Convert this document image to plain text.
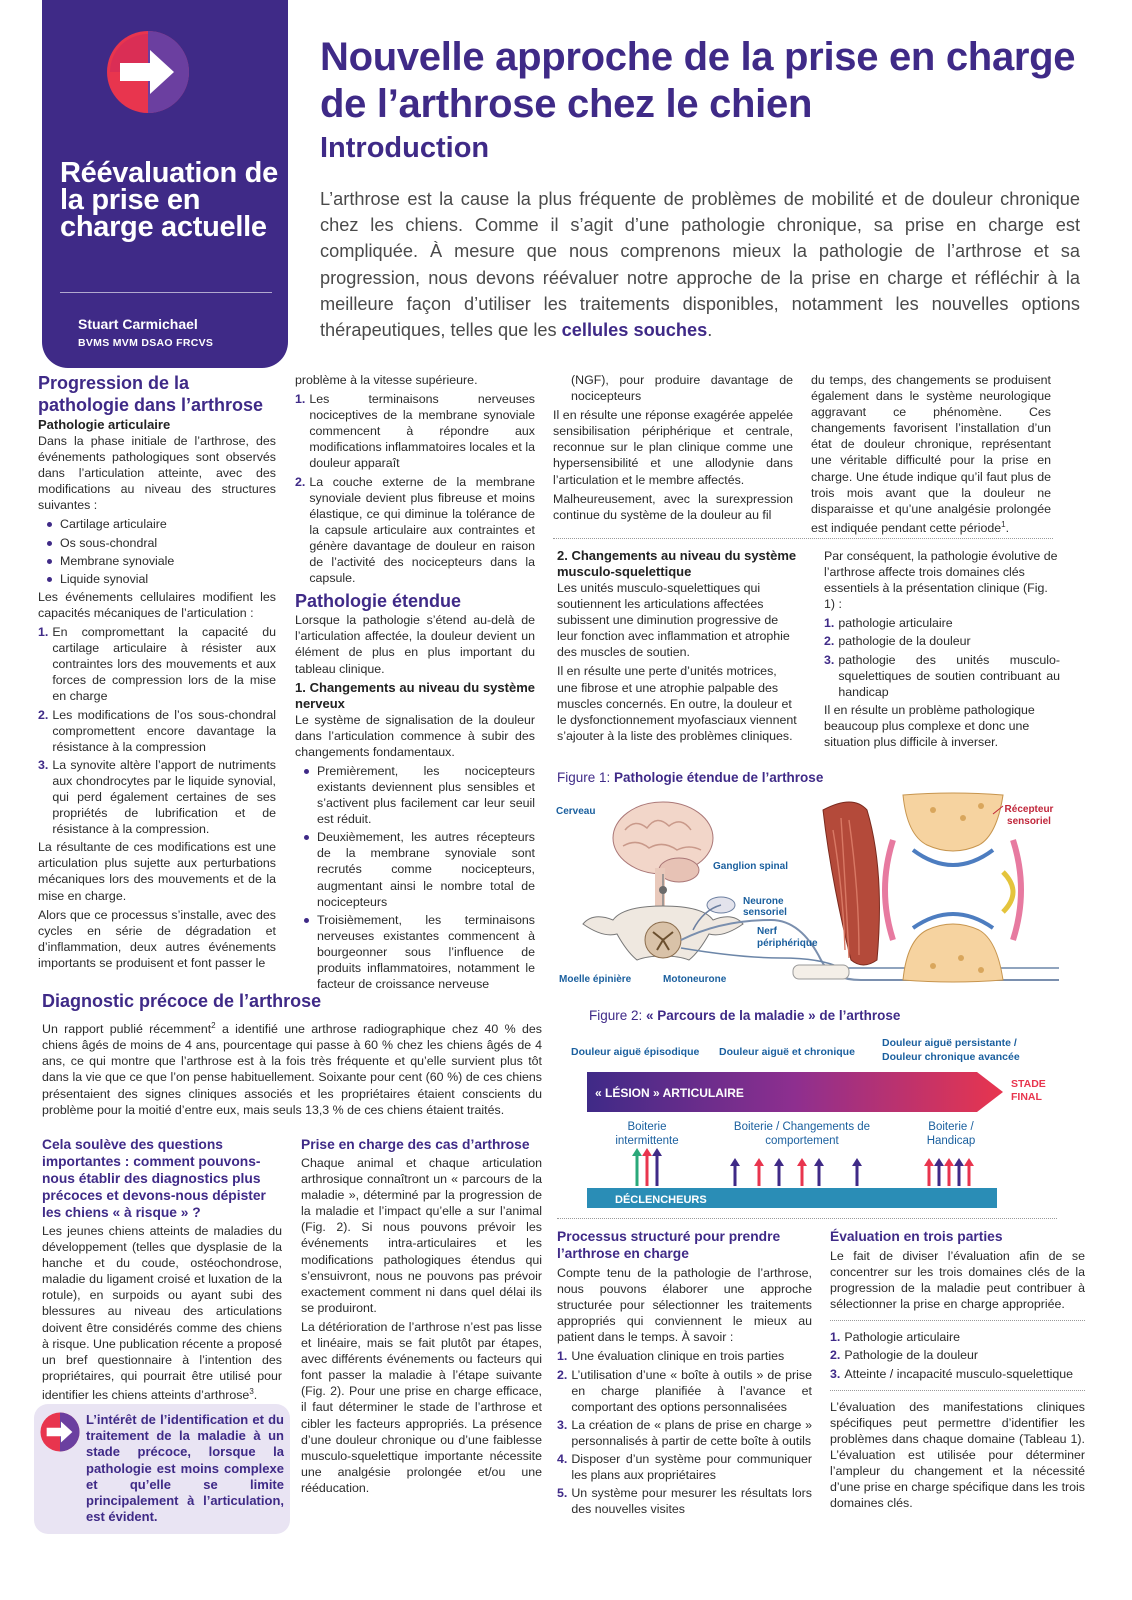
Réévaluation de la prise en charge actuelle
Stuart Carmichael
BVMS MVM DSAO FRCVS
Nouvelle approche de la prise en charge de l’arthrose chez le chien
Introduction
L’arthrose est la cause la plus fréquente de problèmes de mobilité et de douleur chronique chez les chiens. Comme il s’agit d’une pathologie chronique, sa prise en charge est compliquée. À mesure que nous comprenons mieux la pathologie de l’arthrose et sa progression, nous devons réévaluer notre approche de la prise en charge et réfléchir à la meilleure façon d’utiliser les traitements disponibles, notamment les nouvelles options thérapeutiques, telles que les cellules souches.
Progression de la pathologie dans l’arthrose
Pathologie articulaire

Dans la phase initiale de l’arthrose, des événements pathologiques sont observés dans l’articulation atteinte, avec des modifications au niveau des structures suivantes :

Cartilage articulaire
Os sous-chondral
Membrane synoviale
Liquide synovial

Les événements cellulaires modifient les capacités mécaniques de l’articulation :

1. En compromettant la capacité du cartilage articulaire à résister aux contraintes lors des mouvements et aux forces de compression lors de la mise en charge
2. Les modifications de l’os sous-chondral compromettent encore davantage la résistance à la compression
3. La synovite altère l’apport de nutriments aux chondrocytes par le liquide synovial, qui perd également certaines de ses propriétés de lubrification et de résistance à la compression.

La résultante de ces modifications est une articulation plus sujette aux perturbations mécaniques lors des mouvements et de la mise en charge.

Alors que ce processus s’installe, avec des cycles en série de dégradation et d’inflammation, deux autres événements importants se produisent et font passer le

problème à la vitesse supérieure.

1. Les terminaisons nerveuses nociceptives de la membrane synoviale commencent à répondre aux modifications inflammatoires locales et la douleur apparaît
2. La couche externe de la membrane synoviale devient plus fibreuse et moins élastique, ce qui diminue la tolérance de la capsule articulaire aux contraintes et génère davantage de douleur en raison de l’activité des nocicepteurs dans la capsule.
Pathologie étendue

Lorsque la pathologie s’étend au-delà de l’articulation affectée, la douleur devient un élément de plus en plus important du tableau clinique.

1. Changements au niveau du système nerveux

Le système de signalisation de la douleur dans l’articulation commence à subir des changements fondamentaux.

Premièrement, les nocicepteurs existants deviennent plus sensibles et s’activent plus facilement car leur seuil est réduit.
Deuxièmement, les autres récepteurs de la membrane synoviale sont recrutés comme nocicepteurs, augmentant ainsi le nombre total de nocicepteurs
Troisièmement, les terminaisons nerveuses existantes commencent à bourgeonner sous l’influence de produits inflammatoires, notamment le facteur de croissance nerveuse

(NGF), pour produire davantage de nocicepteurs

Il en résulte une réponse exagérée appelée sensibilisation périphérique et centrale, reconnue sur le plan clinique comme une hypersensibilité et une allodynie dans l’articulation et le membre affectés.

Malheureusement, avec la surexpression continue du système de la douleur au fil

du temps, des changements se produisent également dans le système neurologique aggravant ce phénomène. Ces changements favorisent l’installation d’un état de douleur chronique, représentant une véritable difficulté pour la prise en charge. Une étude indique qu’il faut plus de trois mois avant que la douleur ne disparaisse et qu’une analgésie prolongée est indiquée pendant cette période$^1$.
2. Changements au niveau du système musculo-squelettique

Les unités musculo-squelettiques qui soutiennent les articulations affectées subissent une diminution progressive de leur fonction avec inflammation et atrophie des muscles de soutien.

Il en résulte une perte d’unités motrices, une fibrose et une atrophie palpable des muscles concernés. En outre, la douleur et le dysfonctionnement myofasciaux viennent s’ajouter à la liste des problèmes cliniques.

Par conséquent, la pathologie évolutive de l’arthrose affecte trois domaines clés essentiels à la présentation clinique (Fig. 1) :

1. pathologie articulaire
2. pathologie de la douleur
3. pathologie des unités musculo-squelettiques de soutien contribuant au handicap

Il en résulte un problème pathologique beaucoup plus complexe et donc une situation plus difficile à inverser.

Figure 1: Pathologie étendue de l’arthrose
Cerveau	Récepteur sensoriel
Ganglion spinal
Neurone sensoriel
Nerf périphérique
Moelle épinière	Motoneurone
Diagnostic précoce de l’arthrose

Un rapport publié récemment$^2$ a identifié une arthrose radiographique chez 40 % des chiens âgés de moins de 4 ans, pourcentage qui passe à 60 % chez les chiens âgés de 4 ans, ce qui montre que l’arthrose est à la fois très fréquente et qu’elle survient plus tôt dans la vie que ce que l’on pense habituellement. Soixante pour cent (60 %) de ces chiens présentaient des signes cliniques associés et les propriétaires étaient conscients du problème pour la moitié d’entre eux, mais seuls 13,3 % de ces chiens étaient traités.

Cela soulève des questions importantes : comment pouvons-nous établir des diagnostics plus précoces et devons-nous dépister les chiens « à risque » ?

Les jeunes chiens atteints de maladies du développement (telles que dysplasie de la hanche et du coude, ostéochondrose, maladie du ligament croisé et luxation de la rotule), en surpoids ou ayant subi des blessures au niveau des articulations doivent être considérés comme des chiens à risque. Une publication récente a proposé un bref questionnaire à l’intention des propriétaires, qui pourrait être utilisé pour identifier les chiens atteints d’arthrose$^3$.

L’intérêt de l’identification et du traitement de la maladie à un stade précoce, lorsque la pathologie est moins complexe et qu’elle se limite principalement à l’articulation, est évident.
Prise en charge des cas d’arthrose

Chaque animal et chaque articulation arthrosique connaîtront un « parcours de la maladie », déterminé par la progression de la maladie et l’impact qu’elle a sur l’animal (Fig. 2). Si nous pouvons prévoir les événements intra-articulaires et les modifications pathologiques étendus qui s’ensuivront, nous ne pouvons pas prévoir exactement comment ni dans quel délai ils se produiront.

La détérioration de l’arthrose n’est pas lisse et linéaire, mais se fait plutôt par étapes, avec différents événements ou facteurs qui font passer la maladie à l’étape suivante (Fig. 2). Pour une prise en charge efficace, il faut déterminer le stade de l’arthrose et cibler les facteurs appropriés. La présence d’une douleur chronique ou d’une faiblesse musculo-squelettique importante nécessite une analgésie prolongée et/ou une rééducation.

Figure 2: « Parcours de la maladie » de l’arthrose
Douleur aiguë épisodique Douleur aiguë et chronique
Douleur aiguë persistante / Douleur chronique avancée
« LÉSION » ARTICULAIRE
STADE FINAL
Boiterie intermittente
Boiterie / Changements de comportement
Boiterie / Handicap
DÉCLENCHEURS
Processus structuré pour prendre l’arthrose en charge

Compte tenu de la pathologie de l’arthrose, nous pouvons élaborer une approche structurée pour sélectionner les traitements appropriés qui conviennent le mieux au patient dans le temps. À savoir :

1. Une évaluation clinique en trois parties
2. L’utilisation d’une « boîte à outils » de prise en charge planifiée à l’avance et comportant des options personnalisées
3. La création de « plans de prise en charge » personnalisés à partir de cette boîte à outils
4. Disposer d’un système pour communiquer les plans aux propriétaires
5. Un système pour mesurer les résultats lors des nouvelles visites
Évaluation en trois parties

Le fait de diviser l’évaluation afin de se concentrer sur les trois domaines clés de la progression de la maladie peut contribuer à sélectionner la prise en charge appropriée.

1. Pathologie articulaire
2. Pathologie de la douleur
3. Atteinte / incapacité musculo-squelettique

L’évaluation des manifestations cliniques spécifiques peut permettre d’identifier les problèmes dans chaque domaine (Tableau 1). L’évaluation est utilisée pour déterminer l’ampleur du changement et la nécessité d’une prise en charge spécifique dans les trois domaines clés.
